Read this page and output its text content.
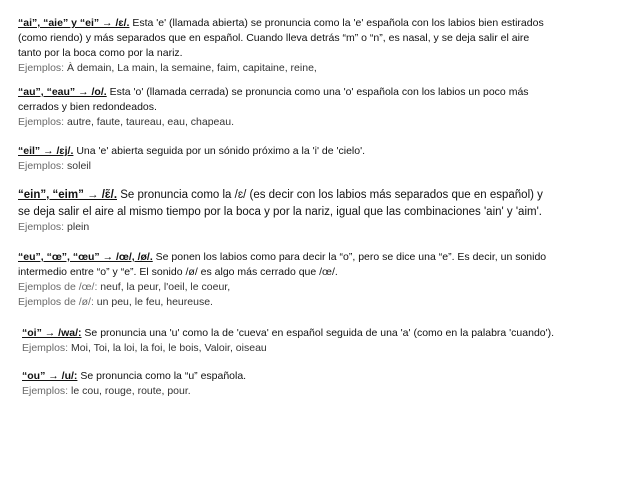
“ai”, “aie” y “ei” → /ɛ/. Esta 'e' (llamada abierta) se pronuncia como la 'e' española con los labios bien estirados
(como riendo) y más separados que en español. Cuando lleva detrás “m” o “n”, es nasal, y se deja salir el aire
tanto por la boca como por la nariz.
Ejemplos: À demain, La main, la semaine, faim, capitaine, reine,
“au”, “eau” → /o/. Esta 'o' (llamada cerrada) se pronuncia como una 'o' española con los labios un poco más
cerrados y bien redondeados.
Ejemplos: autre, faute, taureau, eau, chapeau.
“eil” → /ɛj/. Una 'e' abierta seguida por un sónido próximo a la 'i' de 'cielo'.
Ejemplos: soleil
“ein”, “eim” → /ɛ̃/. Se pronuncia como la /ɛ/ (es decir con los labios más separados que en español) y
se deja salir el aire al mismo tiempo por la boca y por la nariz, igual que las combinaciones 'ain' y 'aim'.
Ejemplos: plein
“eu”, “œ”, “œu” → /œ/, /ø/. Se ponen los labios como para decir la “o”, pero se dice una “e”. Es decir, un sonido
intermedio entre “o” y “e”. El sonido /ø/ es algo más cerrado que /œ/.
Ejemplos de /œ/: neuf, la peur, l'oeil, le coeur,
Ejemplos de /ø/: un peu, le feu, heureuse.
“oi” → /wa/: Se pronuncia una 'u' como la de 'cueva' en español seguida de una 'a' (como en la palabra 'cuando').
Ejemplos: Moi, Toi, la loi, la foi, le bois, Valoir, oiseau
“ou” → /u/: Se pronuncia como la “u” española.
Ejemplos: le cou, rouge, route, pour.
